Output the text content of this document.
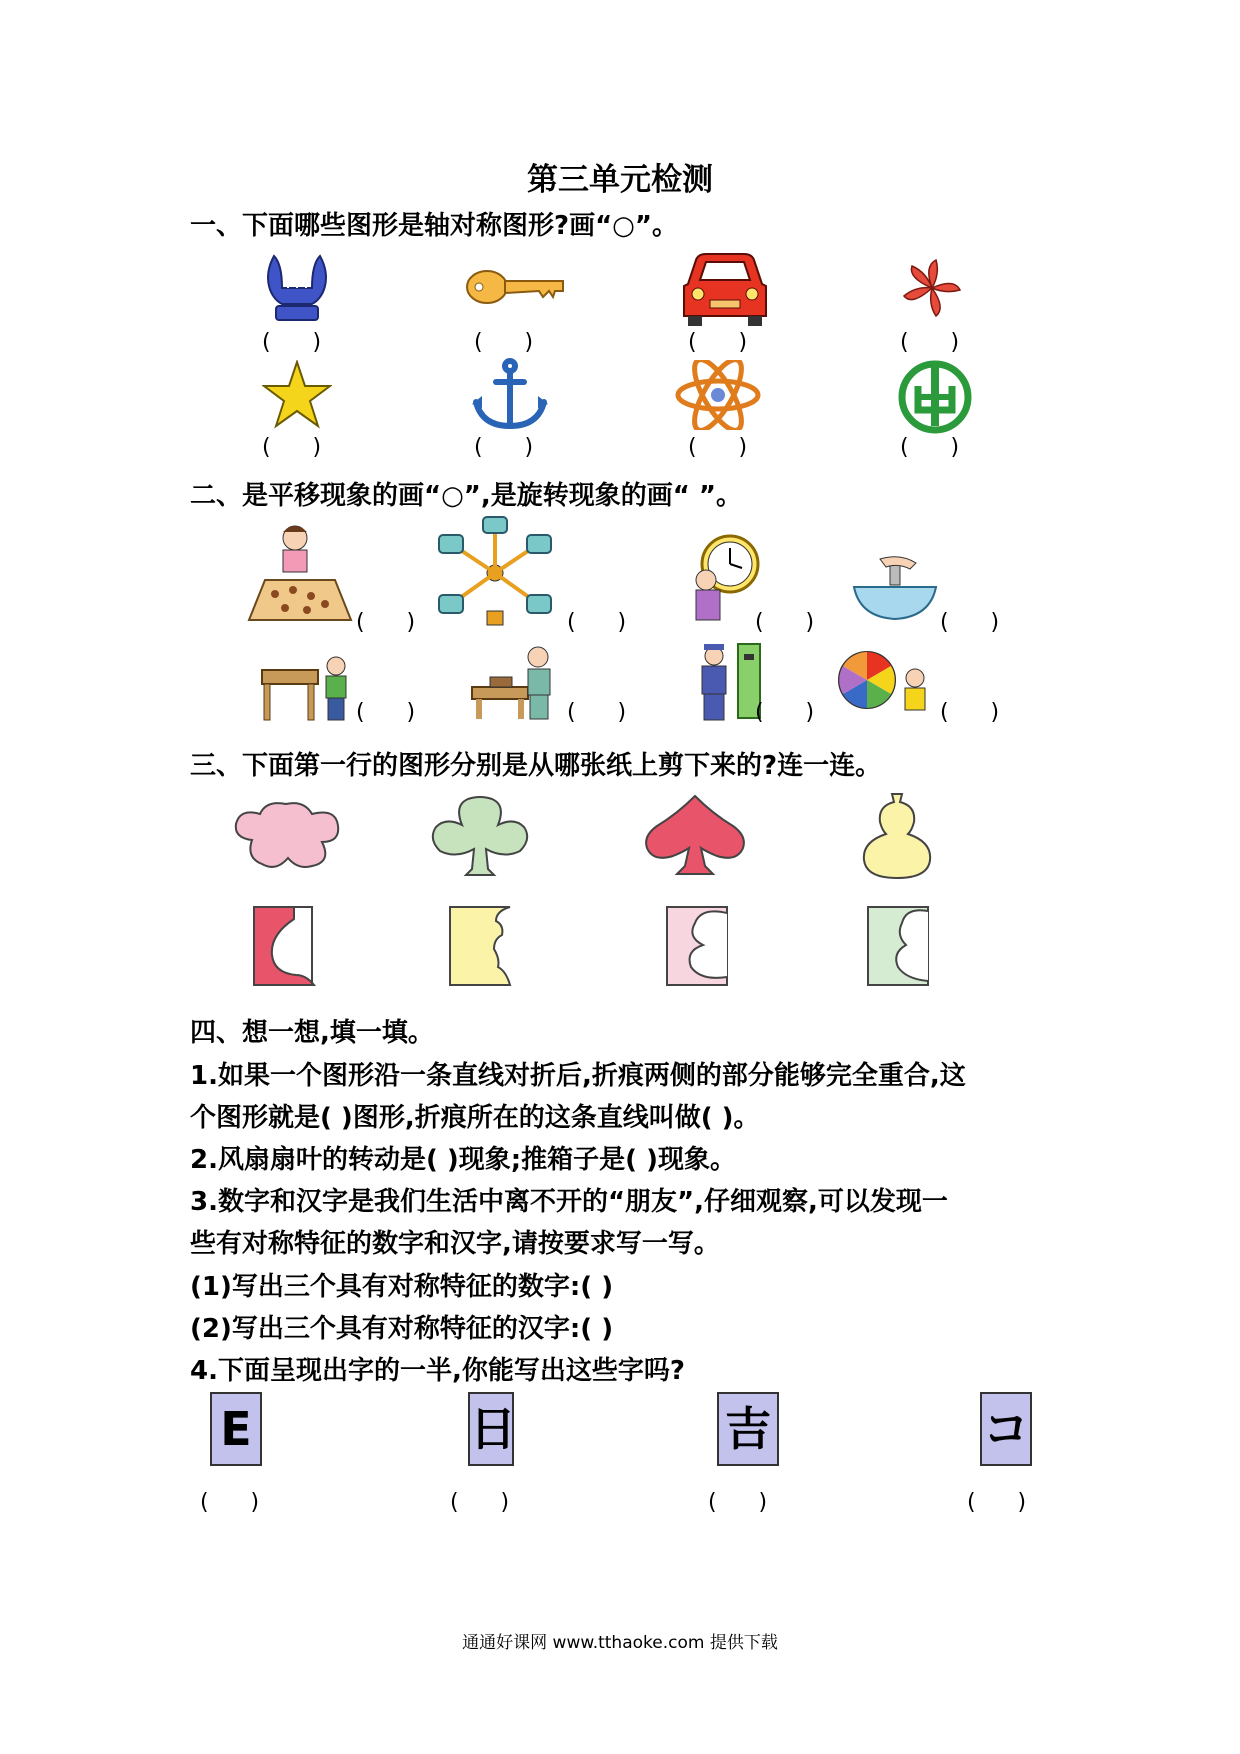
第三单元检测
一、下面哪些图形是轴对称图形?画“○”。
(      )	(      )	(      )	(      )
(      )	(      )	(      )	(      )
二、是平移现象的画“○”,是旋转现象的画“ ”。
(      )	(      )	(      )	(      )
(      )	(      )	(      )	(      )
三、下面第一行的图形分别是从哪张纸上剪下来的?连一连。
四、想一想,填一填。
1.如果一个图形沿一条直线对折后,折痕两侧的部分能够完全重合,这
个图形就是( )图形,折痕所在的这条直线叫做( )。
2.风扇扇叶的转动是( )现象;推箱子是( )现象。
3.数字和汉字是我们生活中离不开的“朋友”,仔细观察,可以发现一
些有对称特征的数字和汉字,请按要求写一写。
(1)写出三个具有对称特征的数字:( )
(2)写出三个具有对称特征的汉字:( )
4.下面呈现出字的一半,你能写出这些字吗?
E	日	吉	コ
(      )	(      )	(      )	(      )
通通好课网 www.tthaoke.com 提供下载
